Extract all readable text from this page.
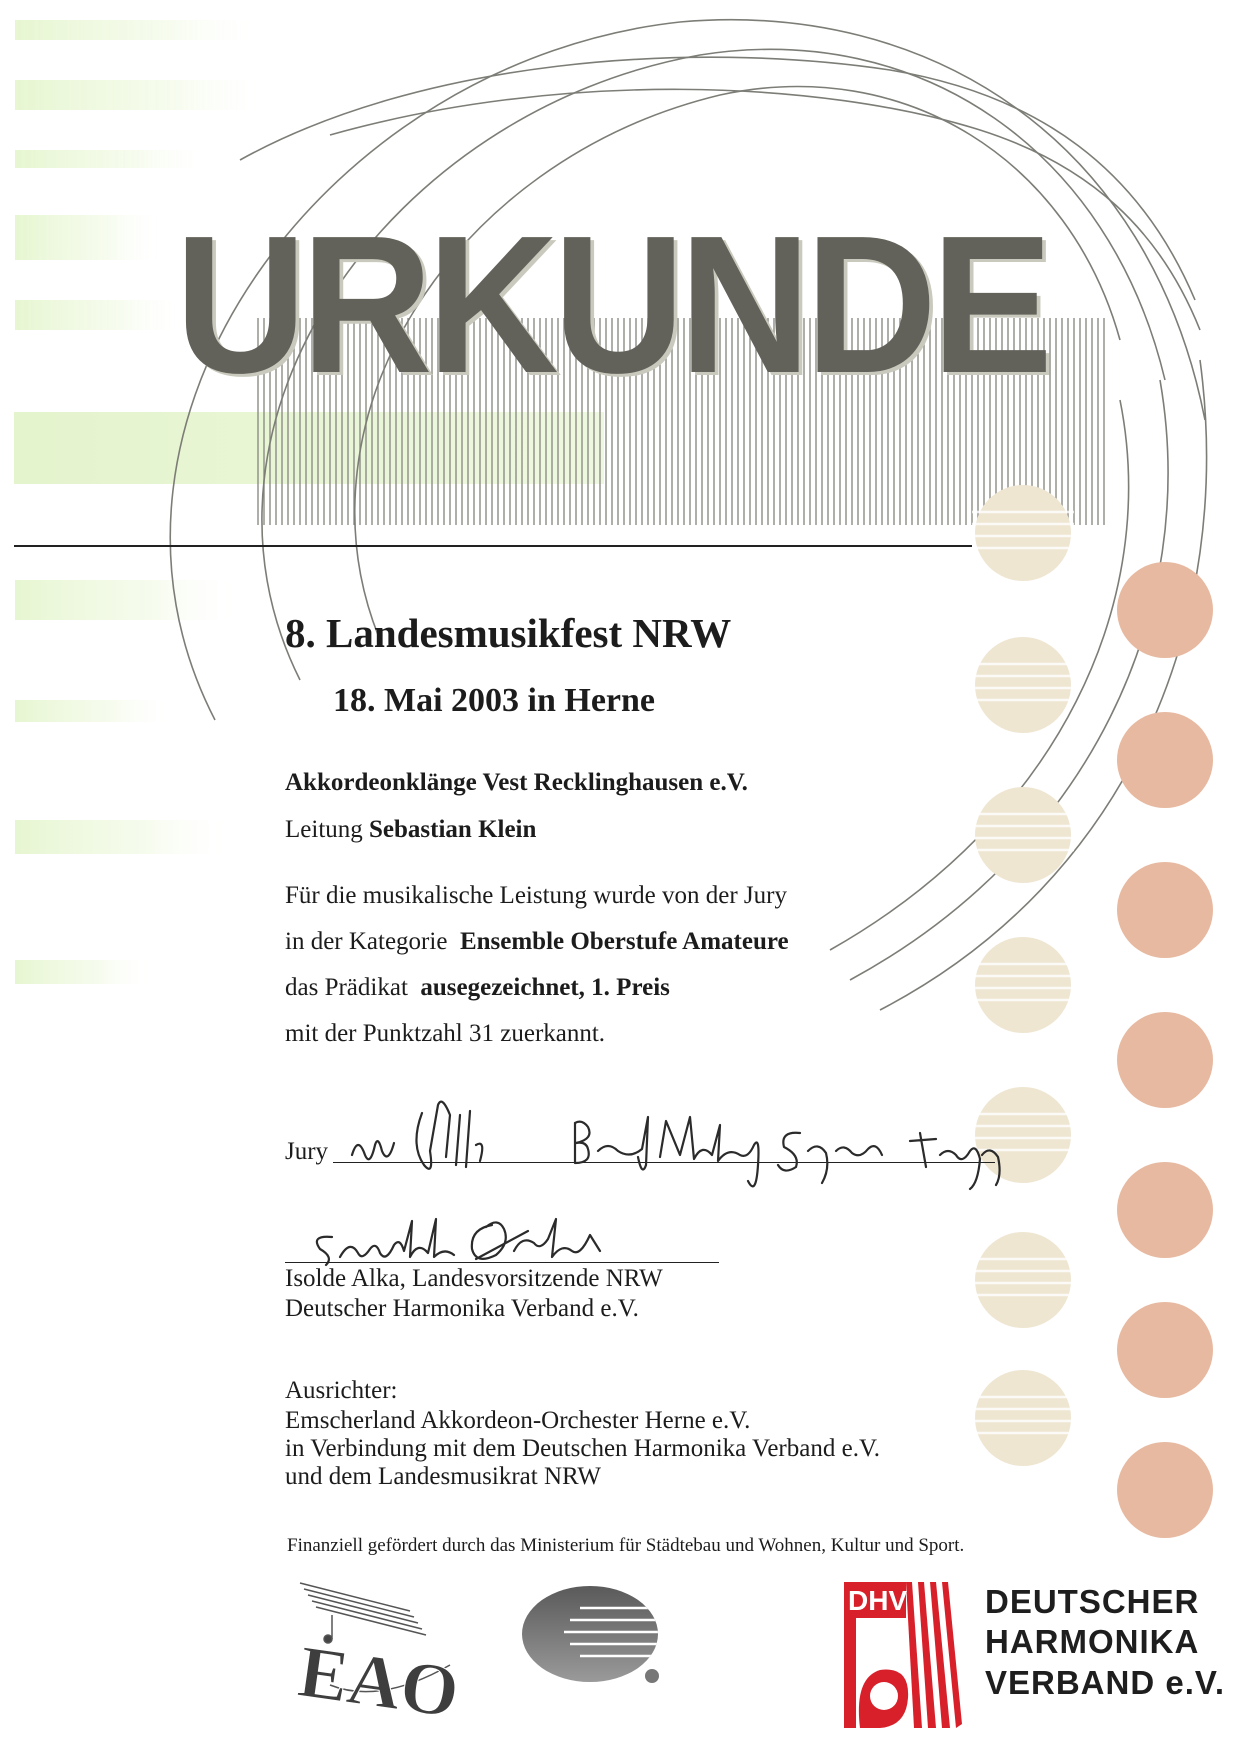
URKUNDE
8. Landesmusikfest NRW
18. Mai 2003 in Herne
Akkordeonklänge Vest Recklinghausen e.V.
Leitung Sebastian Klein
Für die musikalische Leistung wurde von der Jury
in der Kategorie Ensemble Oberstufe Amateure
das Prädikat ausegezeichnet, 1. Preis
mit der Punktzahl 31 zuerkannt.
Jury
Isolde Alka, Landesvorsitzende NRW
Deutscher Harmonika Verband e.V.
Ausrichter:
Emscherland Akkordeon-Orchester Herne e.V.
in Verbindung mit dem Deutschen Harmonika Verband e.V.
und dem Landesmusikrat NRW
Finanziell gefördert durch das Ministerium für Städtebau und Wohnen, Kultur und Sport.
EAO
DHV DEUTSCHER
HARMONIKA
VERBAND e.V.
